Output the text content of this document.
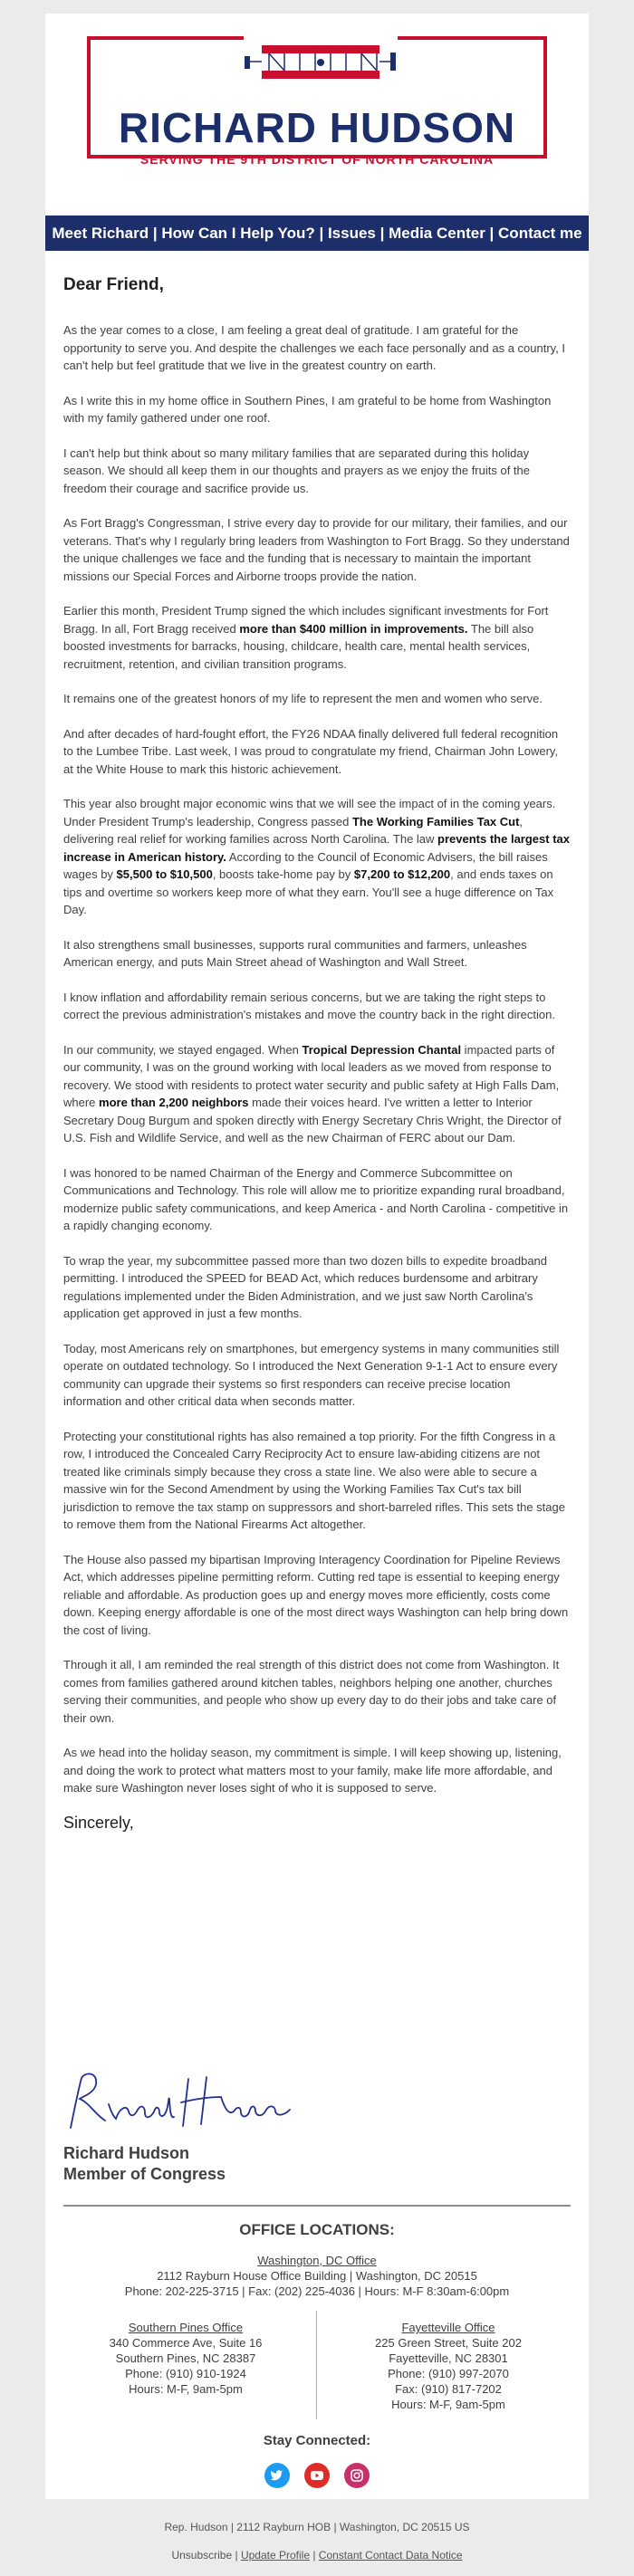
RICHARD HUDSON
SERVING THE 9TH DISTRICT OF NORTH CAROLINA
Meet Richard | How Can I Help You? | Issues | Media Center | Contact me
Dear Friend,

As the year comes to a close, I am feeling a great deal of gratitude. I am grateful for the opportunity to serve you. And despite the challenges we each face personally and as a country, I can't help but feel gratitude that we live in the greatest country on earth.

As I write this in my home office in Southern Pines, I am grateful to be home from Washington with my family gathered under one roof.

I can't help but think about so many military families that are separated during this holiday season. We should all keep them in our thoughts and prayers as we enjoy the fruits of the freedom their courage and sacrifice provide us.

As Fort Bragg's Congressman, I strive every day to provide for our military, their families, and our veterans. That's why I regularly bring leaders from Washington to Fort Bragg. So they understand the unique challenges we face and the funding that is necessary to maintain the important missions our Special Forces and Airborne troops provide the nation.

Earlier this month, President Trump signed the which includes significant investments for Fort Bragg. In all, Fort Bragg received more than $400 million in improvements. The bill also boosted investments for barracks, housing, childcare, health care, mental health services, recruitment, retention, and civilian transition programs.

It remains one of the greatest honors of my life to represent the men and women who serve.

And after decades of hard-fought effort, the FY26 NDAA finally delivered full federal recognition to the Lumbee Tribe. Last week, I was proud to congratulate my friend, Chairman John Lowery, at the White House to mark this historic achievement.

This year also brought major economic wins that we will see the impact of in the coming years. Under President Trump's leadership, Congress passed The Working Families Tax Cut, delivering real relief for working families across North Carolina. The law prevents the largest tax increase in American history. According to the Council of Economic Advisers, the bill raises wages by $5,500 to $10,500, boosts take-home pay by $7,200 to $12,200, and ends taxes on tips and overtime so workers keep more of what they earn. You'll see a huge difference on Tax Day.

It also strengthens small businesses, supports rural communities and farmers, unleashes American energy, and puts Main Street ahead of Washington and Wall Street.

I know inflation and affordability remain serious concerns, but we are taking the right steps to correct the previous administration's mistakes and move the country back in the right direction.

In our community, we stayed engaged. When Tropical Depression Chantal impacted parts of our community, I was on the ground working with local leaders as we moved from response to recovery. We stood with residents to protect water security and public safety at High Falls Dam, where more than 2,200 neighbors made their voices heard. I've written a letter to Interior Secretary Doug Burgum and spoken directly with Energy Secretary Chris Wright, the Director of U.S. Fish and Wildlife Service, and well as the new Chairman of FERC about our Dam.

I was honored to be named Chairman of the Energy and Commerce Subcommittee on Communications and Technology. This role will allow me to prioritize expanding rural broadband, modernize public safety communications, and keep America - and North Carolina - competitive in a rapidly changing economy.

To wrap the year, my subcommittee passed more than two dozen bills to expedite broadband permitting. I introduced the SPEED for BEAD Act, which reduces burdensome and arbitrary regulations implemented under the Biden Administration, and we just saw North Carolina's application get approved in just a few months.

Today, most Americans rely on smartphones, but emergency systems in many communities still operate on outdated technology. So I introduced the Next Generation 9-1-1 Act to ensure every community can upgrade their systems so first responders can receive precise location information and other critical data when seconds matter.

Protecting your constitutional rights has also remained a top priority. For the fifth Congress in a row, I introduced the Concealed Carry Reciprocity Act to ensure law-abiding citizens are not treated like criminals simply because they cross a state line. We also were able to secure a massive win for the Second Amendment by using the Working Families Tax Cut's tax bill jurisdiction to remove the tax stamp on suppressors and short-barreled rifles. This sets the stage to remove them from the National Firearms Act altogether.

The House also passed my bipartisan Improving Interagency Coordination for Pipeline Reviews Act, which addresses pipeline permitting reform. Cutting red tape is essential to keeping energy reliable and affordable. As production goes up and energy moves more efficiently, costs come down. Keeping energy affordable is one of the most direct ways Washington can help bring down the cost of living.

Through it all, I am reminded the real strength of this district does not come from Washington. It comes from families gathered around kitchen tables, neighbors helping one another, churches serving their communities, and people who show up every day to do their jobs and take care of their own.

As we head into the holiday season, my commitment is simple. I will keep showing up, listening, and doing the work to protect what matters most to your family, make life more affordable, and make sure Washington never loses sight of who it is supposed to serve.

Sincerely,
Richard Hudson
Member of Congress
OFFICE LOCATIONS:
Washington, DC Office
2112 Rayburn House Office Building | Washington, DC 20515
Phone: 202-225-3715 | Fax: (202) 225-4036 | Hours: M-F 8:30am-6:00pm
Southern Pines Office
340 Commerce Ave, Suite 16
Southern Pines, NC 28387
Phone: (910) 910-1924
Hours: M-F, 9am-5pm
Fayetteville Office
225 Green Street, Suite 202
Fayetteville, NC 28301
Phone: (910) 997-2070
Fax: (910) 817-7202
Hours: M-F, 9am-5pm
Stay Connected:
Rep. Hudson | 2112 Rayburn HOB | Washington, DC 20515 US
Unsubscribe | Update Profile | Constant Contact Data Notice
